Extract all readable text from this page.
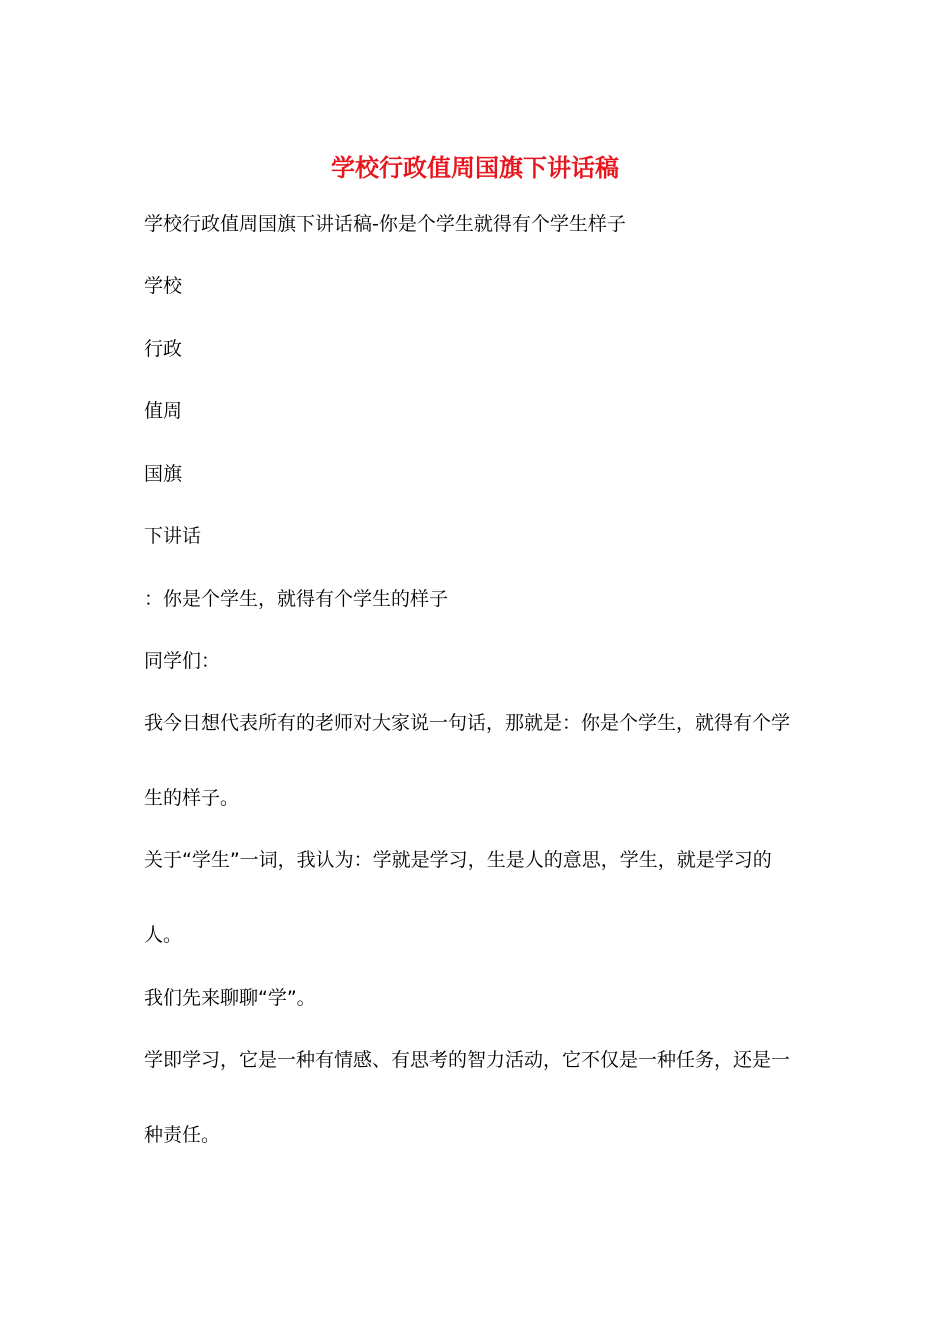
学校行政值周国旗下讲话稿

学校行政值周国旗下讲话稿-你是个学生就得有个学生样子

学校

行政

值周

国旗

下讲话

：你是个学生，就得有个学生的样子

同学们：

我今日想代表所有的老师对大家说一句话，那就是：你是个学生，就得有个学

生的样子。

关于“学生”一词，我认为：学就是学习，生是人的意思，学生，就是学习的

人。

我们先来聊聊“学”。

学即学习，它是一种有情感、有思考的智力活动，它不仅是一种任务，还是一

种责任。
